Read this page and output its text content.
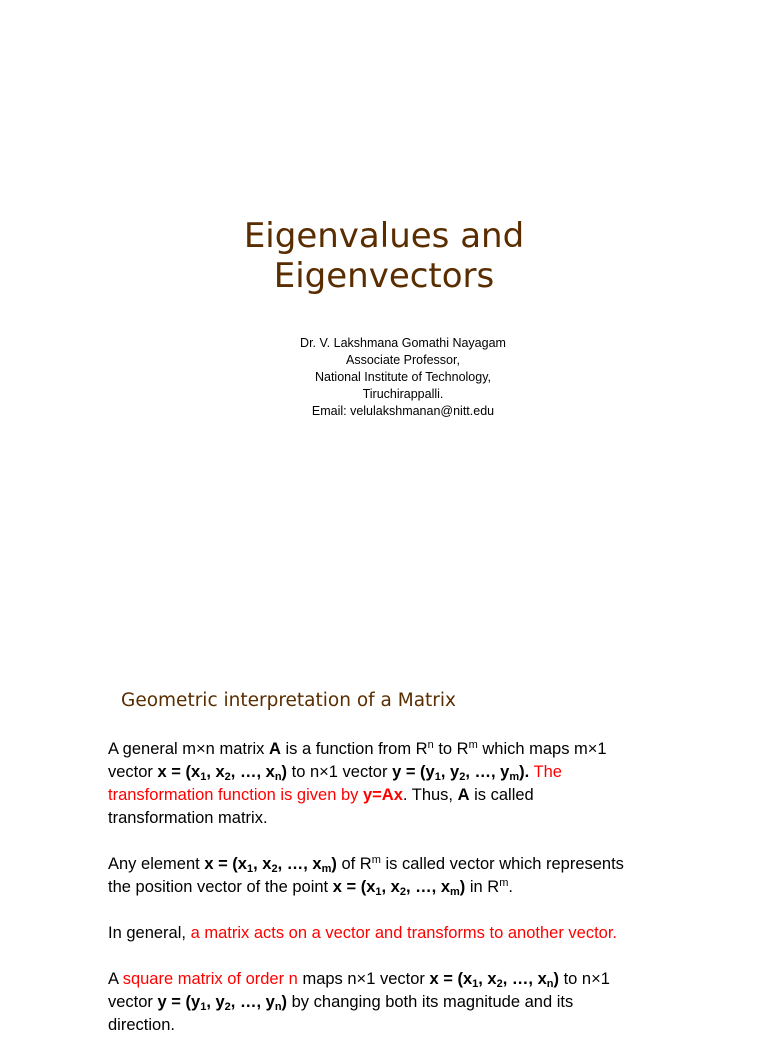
Eigenvalues and
Eigenvectors
Dr. V. Lakshmana Gomathi Nayagam
Associate Professor,
National Institute of Technology,
Tiruchirappalli.
Email: velulakshmanan@nitt.edu
Geometric interpretation of a Matrix
A general m×n matrix A is a function from $R^n$ to $R^m$ which maps m×1
vector $x = (x_1$, $x_2$, …, $x_n$) to n×1 vector $y = (y_1$, $y_2$, …, $y_m$). The
transformation function is given by y=Ax. Thus, A is called
transformation matrix.
Any element $x = (x_1$, $x_2$, …, $x_m$) of $R^m$ is called vector which represents
the position vector of the point $x = (x_1$, $x_2$, …, $x_m$) in $R^m$.
In general, a matrix acts on a vector and transforms to another vector.
A square matrix of order n maps n×1 vector $x = (x_1$, $x_2$, …, $x_n$) to n×1
vector $y = (y_1$, $y_2$, …, $y_n$) by changing both its magnitude and its
direction.
